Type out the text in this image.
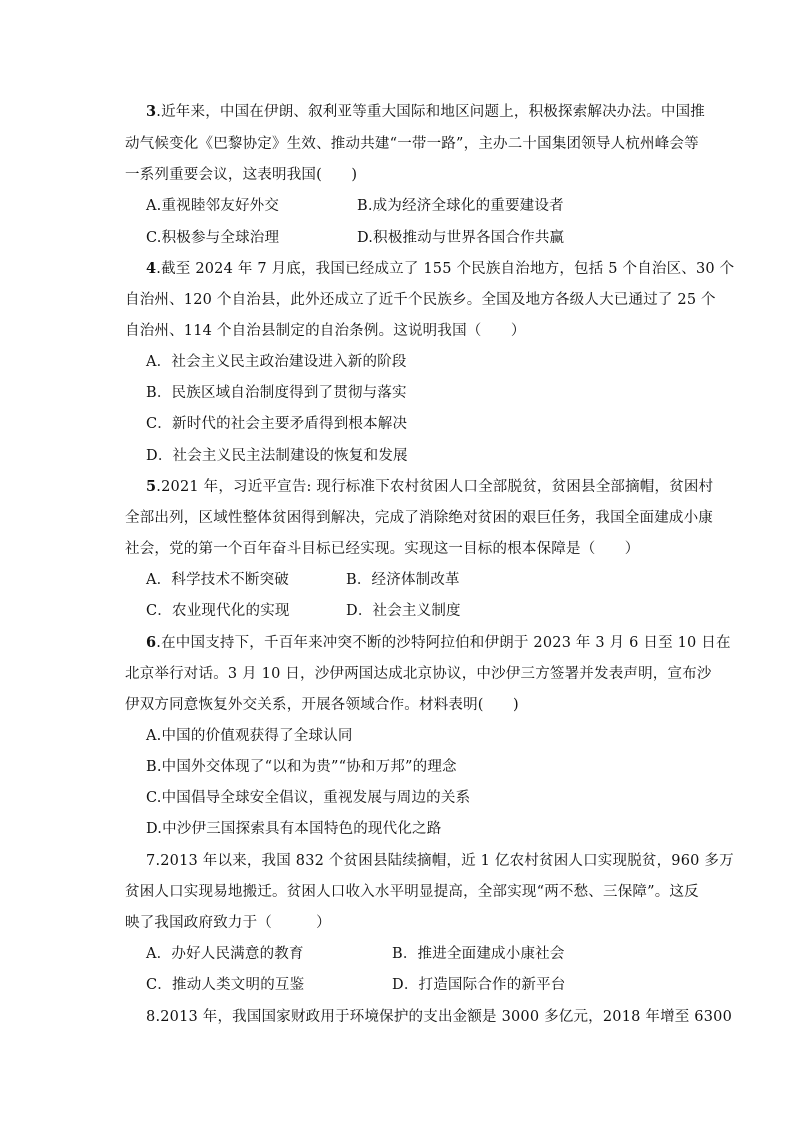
3.近年来，中国在伊朗、叙利亚等重大国际和地区问题上，积极探索解决办法。中国推
动气候变化《巴黎协定》生效、推动共建“一带一路”，主办二十国集团领导人杭州峰会等
一系列重要会议，这表明我国(　　)
A.重视睦邻友好外交	B.成为经济全球化的重要建设者
C.积极参与全球治理	D.积极推动与世界各国合作共赢
4.截至 2024 年 7 月底，我国已经成立了 155 个民族自治地方，包括 5 个自治区、30 个
自治州、120 个自治县，此外还成立了近千个民族乡。全国及地方各级人大已通过了 25 个
自治州、114 个自治县制定的自治条例。这说明我国（　　）
A．社会主义民主政治建设进入新的阶段
B．民族区域自治制度得到了贯彻与落实
C．新时代的社会主要矛盾得到根本解决
D．社会主义民主法制建设的恢复和发展
5.2021 年，习近平宣告: 现行标准下农村贫困人口全部脱贫，贫困县全部摘帽，贫困村
全部出列，区域性整体贫困得到解决，完成了消除绝对贫困的艰巨任务，我国全面建成小康
社会，党的第一个百年奋斗目标已经实现。实现这一目标的根本保障是（　　）
A．科学技术不断突破	B．经济体制改革
C．农业现代化的实现	D．社会主义制度
6.在中国支持下，千百年来冲突不断的沙特阿拉伯和伊朗于 2023 年 3 月 6 日至 10 日在
北京举行对话。3 月 10 日，沙伊两国达成北京协议，中沙伊三方签署并发表声明，宣布沙
伊双方同意恢复外交关系，开展各领域合作。材料表明(　　)
A.中国的价值观获得了全球认同
B.中国外交体现了“以和为贵”“协和万邦”的理念
C.中国倡导全球安全倡议，重视发展与周边的关系
D.中沙伊三国探索具有本国特色的现代化之路
7.2013 年以来，我国 832 个贫困县陆续摘帽，近 1 亿农村贫困人口实现脱贫，960 多万
贫困人口实现易地搬迁。贫困人口收入水平明显提高，全部实现“两不愁、三保障”。这反
映了我国政府致力于（　　　）
A．办好人民满意的教育	B．推进全面建成小康社会
C．推动人类文明的互鉴	D．打造国际合作的新平台
8.2013 年，我国国家财政用于环境保护的支出金额是 3000 多亿元，2018 年增至 6300
